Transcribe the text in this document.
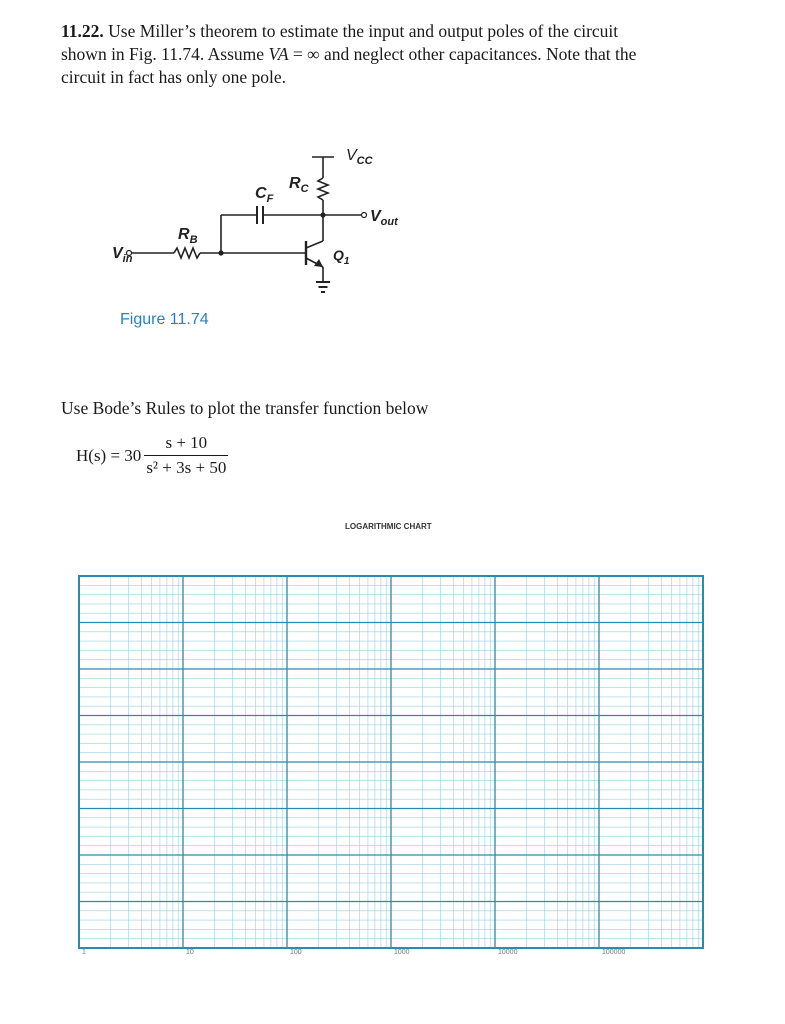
11.22. Use Miller’s theorem to estimate the input and output poles of the circuit
shown in Fig. 11.74. Assume VA = ∞ and neglect other capacitances. Note that the
circuit in fact has only one pole.

$V_{CC}$
$R_C$
$C_F$
$R_B$
$V_{in}$
$V_{out}$
$Q_1$
Figure 11.74

Use Bode’s Rules to plot the transfer function below

$H(s) = 30 \frac{s + 10}{\text{s² + 3s + 50}}$
LOGARITHMIC CHART
1	10	100	1000	10000	100000
